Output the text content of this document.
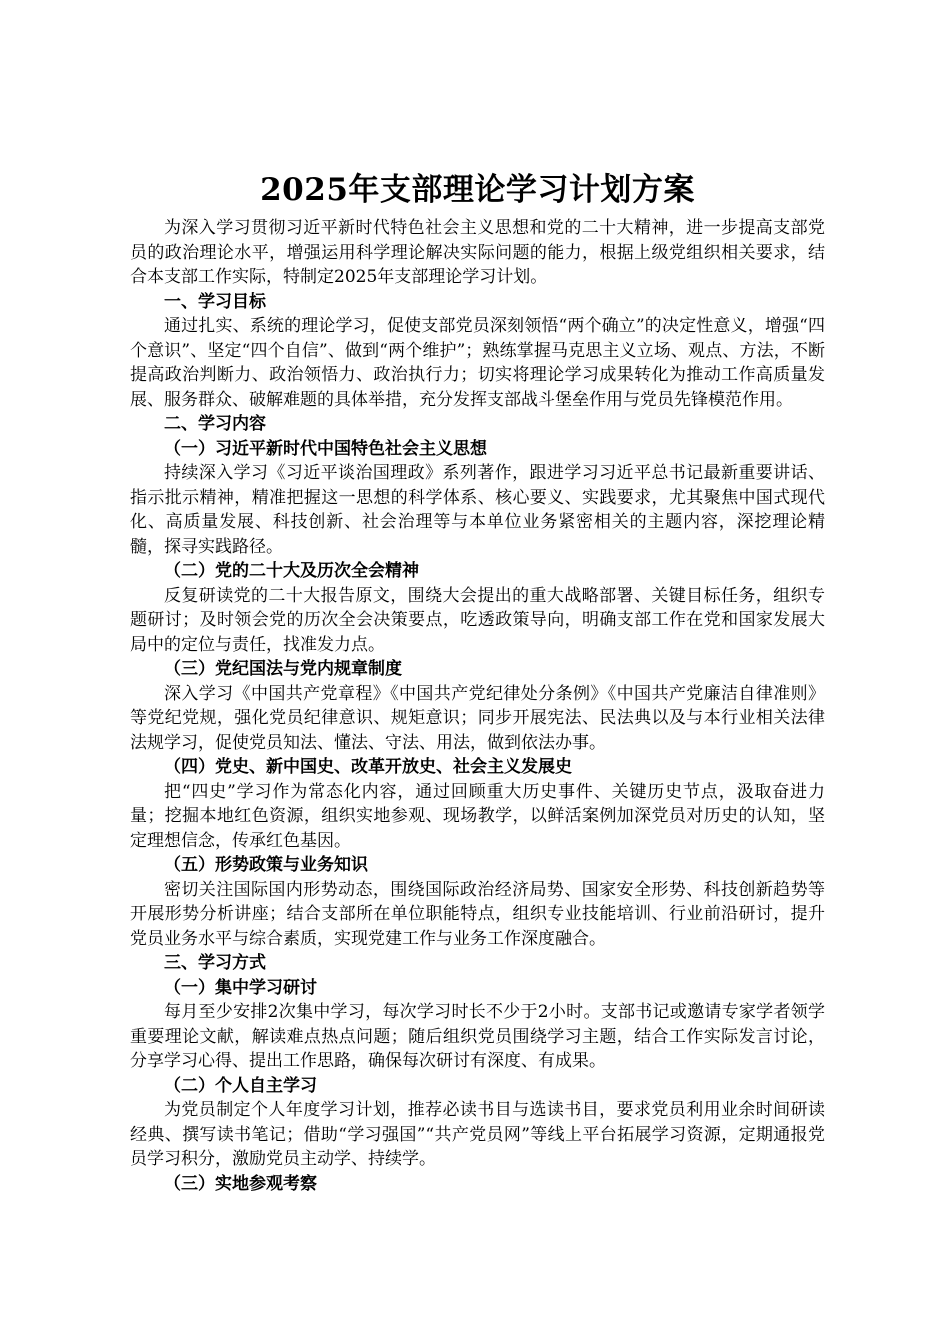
2025年支部理论学习计划方案

为深入学习贯彻习近平新时代特色社会主义思想和党的二十大精神，进一步提高支部党员的政治理论水平，增强运用科学理论解决实际问题的能力，根据上级党组织相关要求，结合本支部工作实际，特制定2025年支部理论学习计划。

一、学习目标

通过扎实、系统的理论学习，促使支部党员深刻领悟“两个确立”的决定性意义，增强“四个意识”、坚定“四个自信”、做到“两个维护”；熟练掌握马克思主义立场、观点、方法，不断提高政治判断力、政治领悟力、政治执行力；切实将理论学习成果转化为推动工作高质量发展、服务群众、破解难题的具体举措，充分发挥支部战斗堡垒作用与党员先锋模范作用。

二、学习内容
（一）习近平新时代中国特色社会主义思想

持续深入学习《习近平谈治国理政》系列著作，跟进学习习近平总书记最新重要讲话、指示批示精神，精准把握这一思想的科学体系、核心要义、实践要求，尤其聚焦中国式现代化、高质量发展、科技创新、社会治理等与本单位业务紧密相关的主题内容，深挖理论精髓，探寻实践路径。

（二）党的二十大及历次全会精神

反复研读党的二十大报告原文，围绕大会提出的重大战略部署、关键目标任务，组织专题研讨；及时领会党的历次全会决策要点，吃透政策导向，明确支部工作在党和国家发展大局中的定位与责任，找准发力点。

（三）党纪国法与党内规章制度

深入学习《中国共产党章程》《中国共产党纪律处分条例》《中国共产党廉洁自律准则》等党纪党规，强化党员纪律意识、规矩意识；同步开展宪法、民法典以及与本行业相关法律法规学习，促使党员知法、懂法、守法、用法，做到依法办事。

（四）党史、新中国史、改革开放史、社会主义发展史

把“四史”学习作为常态化内容，通过回顾重大历史事件、关键历史节点，汲取奋进力量；挖掘本地红色资源，组织实地参观、现场教学，以鲜活案例加深党员对历史的认知，坚定理想信念，传承红色基因。

（五）形势政策与业务知识

密切关注国际国内形势动态，围绕国际政治经济局势、国家安全形势、科技创新趋势等开展形势分析讲座；结合支部所在单位职能特点，组织专业技能培训、行业前沿研讨，提升党员业务水平与综合素质，实现党建工作与业务工作深度融合。

三、学习方式
（一）集中学习研讨

每月至少安排2次集中学习，每次学习时长不少于2小时。支部书记或邀请专家学者领学重要理论文献，解读难点热点问题；随后组织党员围绕学习主题，结合工作实际发言讨论，分享学习心得、提出工作思路，确保每次研讨有深度、有成果。

（二）个人自主学习

为党员制定个人年度学习计划，推荐必读书目与选读书目，要求党员利用业余时间研读经典、撰写读书笔记；借助“学习强国”“共产党员网”等线上平台拓展学习资源，定期通报党员学习积分，激励党员主动学、持续学。

（三）实地参观考察
